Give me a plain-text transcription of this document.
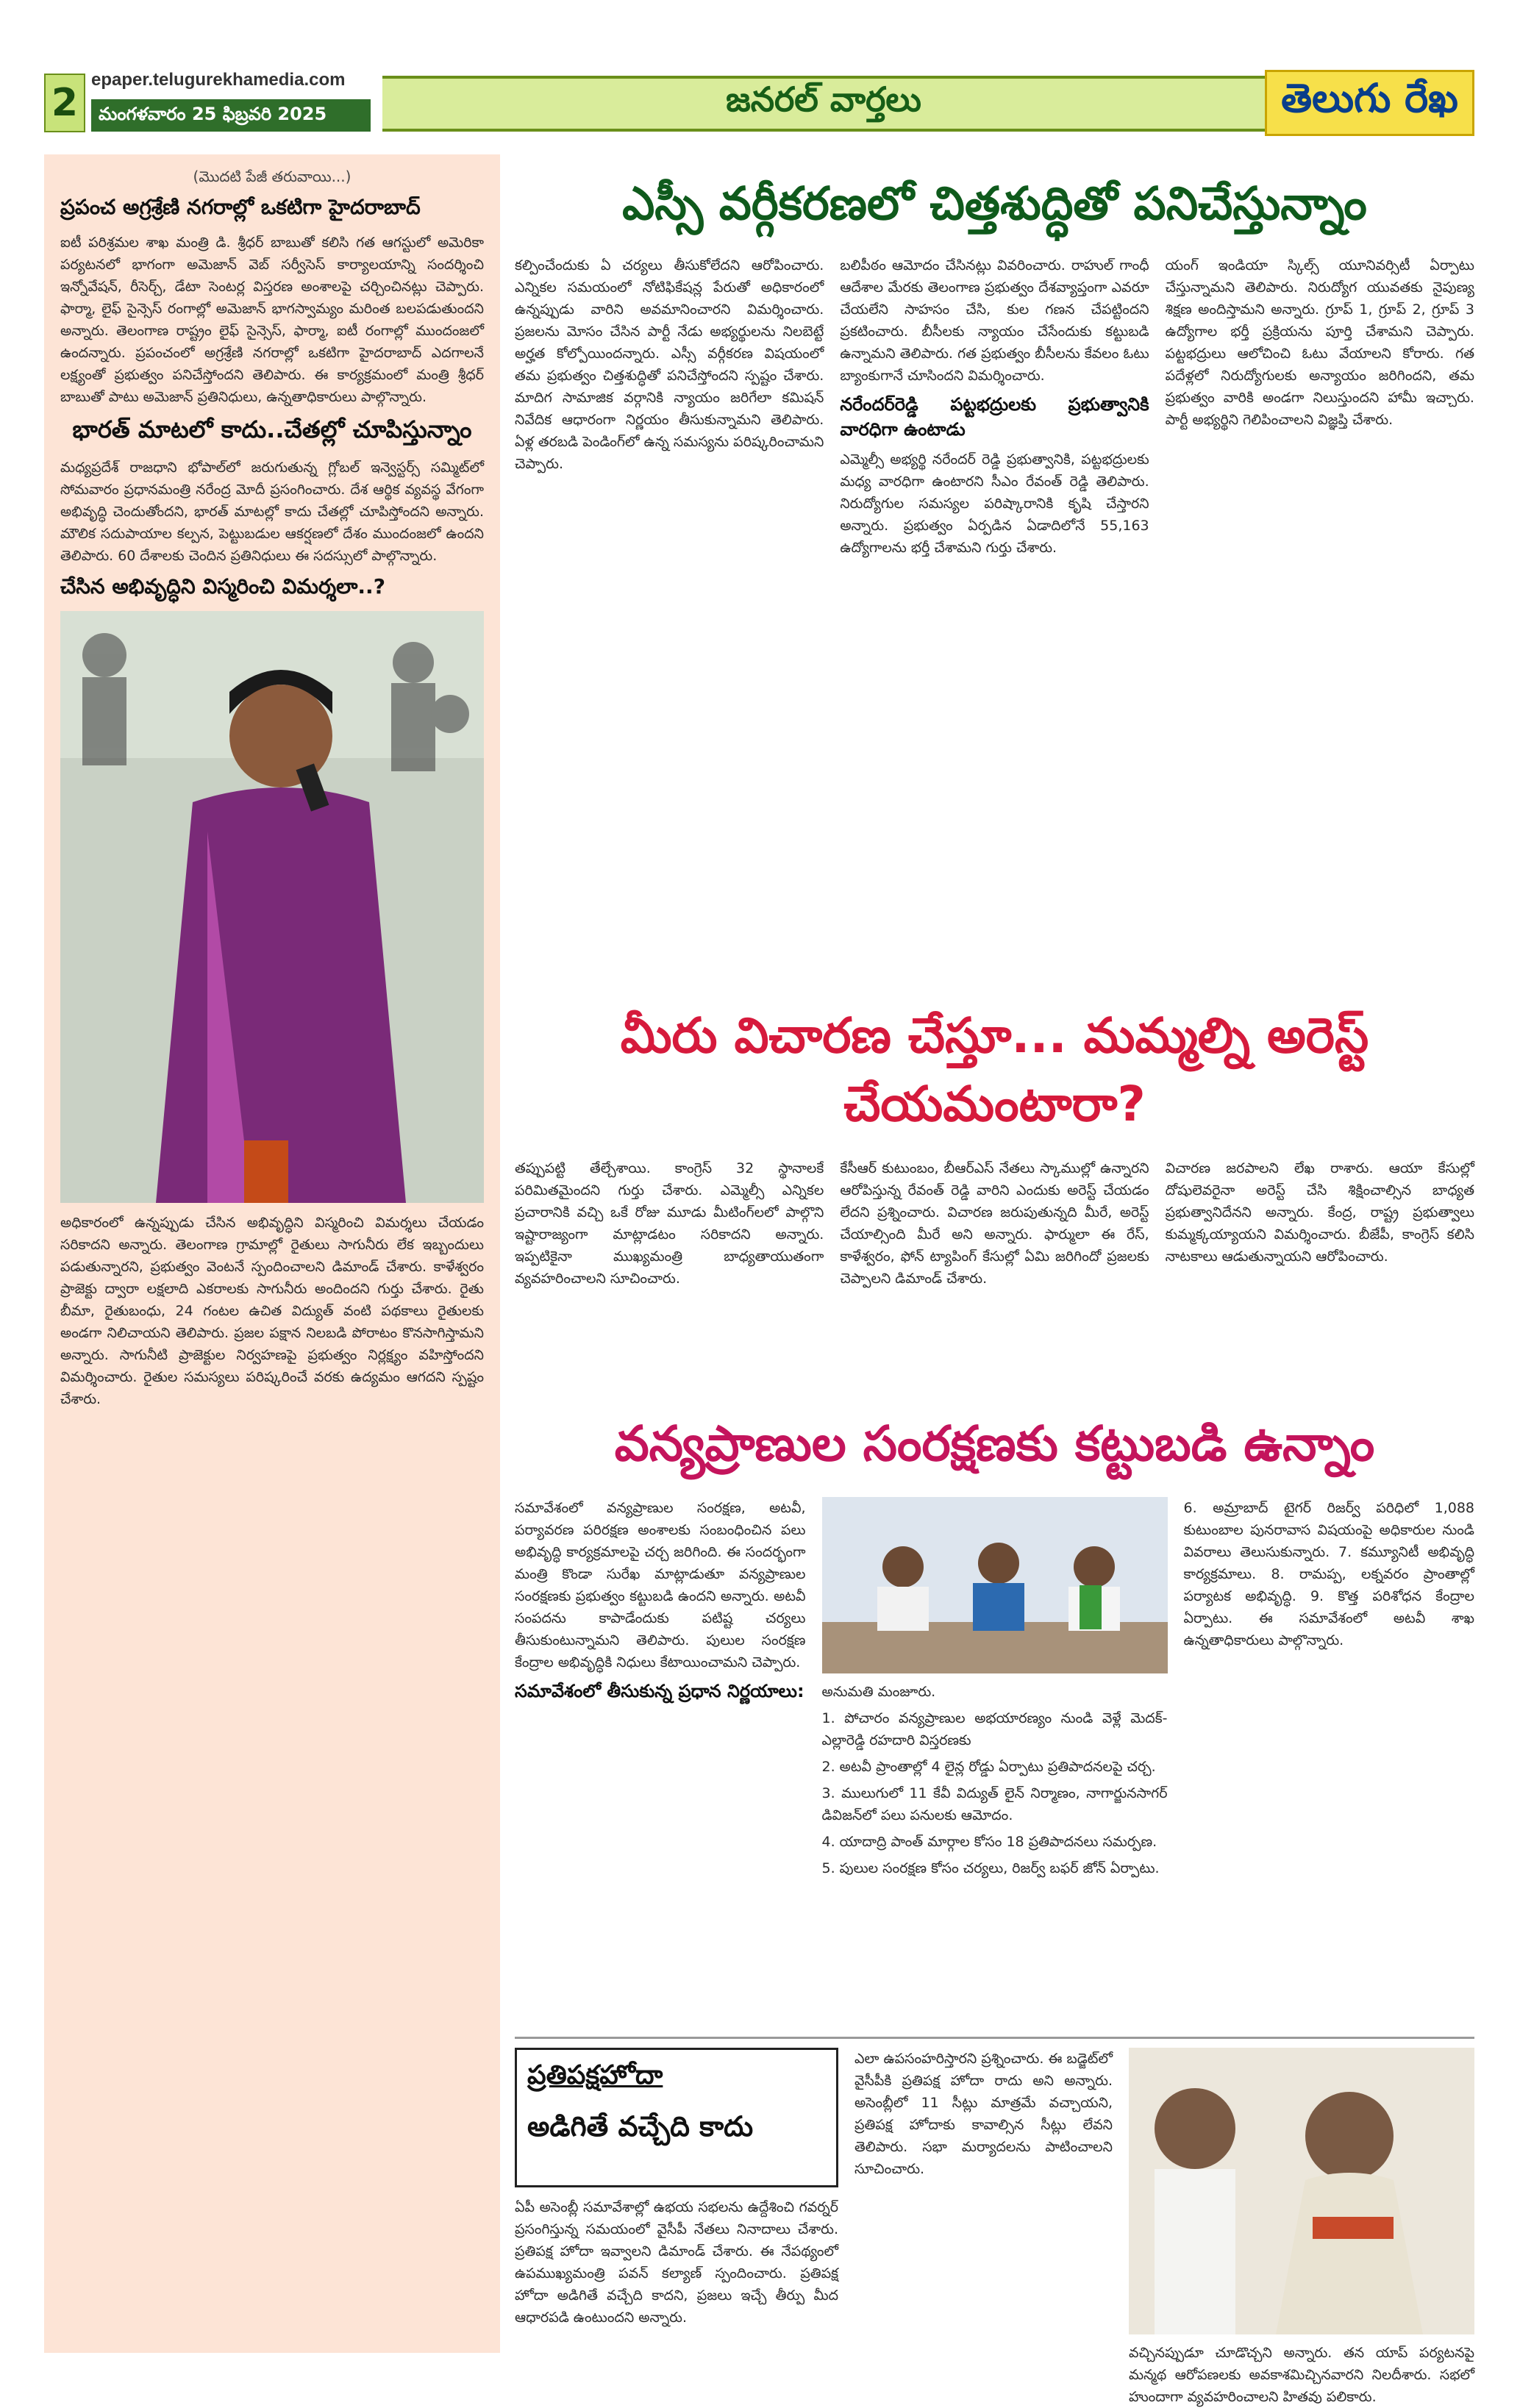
2
epaper.telugurekhamedia.com
మంగళవారం 25 ఫిబ్రవరి 2025	జనరల్ వార్తలు	తెలుగు రేఖ
(మొదటి పేజీ తరువాయి...)
ప్రపంచ అగ్రశ్రేణి నగరాల్లో ఒకటిగా హైదరాబాద్
ఐటీ పరిశ్రమల శాఖ మంత్రి డి. శ్రీధర్ బాబుతో కలిసి గత ఆగస్టులో అమెరికా పర్యటనలో భాగంగా అమెజాన్ వెబ్ సర్వీసెస్ కార్యాలయాన్ని సందర్శించి ఇన్నోవేషన్, రీసెర్చ్, డేటా సెంటర్ల విస్తరణ అంశాలపై చర్చించినట్లు చెప్పారు. ఫార్మా, లైఫ్ సైన్సెస్ రంగాల్లో అమెజాన్ భాగస్వామ్యం మరింత బలపడుతుందని అన్నారు. తెలంగాణ రాష్ట్రం లైఫ్ సైన్సెస్, ఫార్మా, ఐటీ రంగాల్లో ముందంజలో ఉందన్నారు. ప్రపంచంలో అగ్రశ్రేణి నగరాల్లో ఒకటిగా హైదరాబాద్ ఎదగాలనే లక్ష్యంతో ప్రభుత్వం పనిచేస్తోందని తెలిపారు. ఈ కార్యక్రమంలో మంత్రి శ్రీధర్ బాబుతో పాటు అమెజాన్ ప్రతినిధులు, ఉన్నతాధికారులు పాల్గొన్నారు.
భారత్ మాటలో కాదు..చేతల్లో చూపిస్తున్నాం
మధ్యప్రదేశ్ రాజధాని భోపాల్‌లో జరుగుతున్న గ్లోబల్ ఇన్వెస్టర్స్ సమ్మిట్‌లో సోమవారం ప్రధానమంత్రి నరేంద్ర మోదీ ప్రసంగించారు. దేశ ఆర్థిక వ్యవస్థ వేగంగా అభివృద్ధి చెందుతోందని, భారత్ మాటల్లో కాదు చేతల్లో చూపిస్తోందని అన్నారు. మౌలిక సదుపాయాల కల్పన, పెట్టుబడుల ఆకర్షణలో దేశం ముందంజలో ఉందని తెలిపారు. 60 దేశాలకు చెందిన ప్రతినిధులు ఈ సదస్సులో పాల్గొన్నారు.
చేసిన అభివృద్ధిని విస్మరించి విమర్శలా..?
అధికారంలో ఉన్నప్పుడు చేసిన అభివృద్ధిని విస్మరించి విమర్శలు చేయడం సరికాదని అన్నారు. తెలంగాణ గ్రామాల్లో రైతులు సాగునీరు లేక ఇబ్బందులు పడుతున్నారని, ప్రభుత్వం వెంటనే స్పందించాలని డిమాండ్ చేశారు. కాళేశ్వరం ప్రాజెక్టు ద్వారా లక్షలాది ఎకరాలకు సాగునీరు అందిందని గుర్తు చేశారు. రైతు బీమా, రైతుబంధు, 24 గంటల ఉచిత విద్యుత్ వంటి పథకాలు రైతులకు అండగా నిలిచాయని తెలిపారు. ప్రజల పక్షాన నిలబడి పోరాటం కొనసాగిస్తామని అన్నారు. సాగునీటి ప్రాజెక్టుల నిర్వహణపై ప్రభుత్వం నిర్లక్ష్యం వహిస్తోందని విమర్శించారు. రైతుల సమస్యలు పరిష్కరించే వరకు ఉద్యమం ఆగదని స్పష్టం చేశారు.
ఎస్సీ వర్గీకరణలో చిత్తశుద్ధితో పనిచేస్తున్నాం
కల్పించేందుకు ఏ చర్యలు తీసుకోలేదని ఆరోపించారు. ఎన్నికల సమయంలో నోటిఫికేషన్ల పేరుతో అధికారంలో ఉన్నప్పుడు వారిని అవమానించారని విమర్శించారు. ప్రజలను మోసం చేసిన పార్టీ నేడు అభ్యర్థులను నిలబెట్టే అర్హత కోల్పోయిందన్నారు. ఎస్సీ వర్గీకరణ విషయంలో తమ ప్రభుత్వం చిత్తశుద్ధితో పనిచేస్తోందని స్పష్టం చేశారు. మాదిగ సామాజిక వర్గానికి న్యాయం జరిగేలా కమిషన్ నివేదిక ఆధారంగా నిర్ణయం తీసుకున్నామని తెలిపారు. ఏళ్ల తరబడి పెండింగ్‌లో ఉన్న సమస్యను పరిష్కరించామని చెప్పారు.
బలిపీఠం ఆమోదం చేసినట్లు వివరించారు. రాహుల్ గాంధీ ఆదేశాల మేరకు తెలంగాణ ప్రభుత్వం దేశవ్యాప్తంగా ఎవరూ చేయలేని సాహసం చేసి, కుల గణన చేపట్టిందని ప్రకటించారు. బీసీలకు న్యాయం చేసేందుకు కట్టుబడి ఉన్నామని తెలిపారు. గత ప్రభుత్వం బీసీలను కేవలం ఓటు బ్యాంకుగానే చూసిందని విమర్శించారు.
నరేందర్‌రెడ్డి పట్టభద్రులకు ప్రభుత్వానికి వారధిగా ఉంటాడు
ఎమ్మెల్సీ అభ్యర్థి నరేందర్ రెడ్డి ప్రభుత్వానికి, పట్టభద్రులకు మధ్య వారధిగా ఉంటారని సీఎం రేవంత్ రెడ్డి తెలిపారు. నిరుద్యోగుల సమస్యల పరిష్కారానికి కృషి చేస్తారని అన్నారు. ప్రభుత్వం ఏర్పడిన ఏడాదిలోనే 55,163 ఉద్యోగాలను భర్తీ చేశామని గుర్తు చేశారు.
యంగ్ ఇండియా స్కిల్స్ యూనివర్సిటీ ఏర్పాటు చేస్తున్నామని తెలిపారు. నిరుద్యోగ యువతకు నైపుణ్య శిక్షణ అందిస్తామని అన్నారు. గ్రూప్ 1, గ్రూప్ 2, గ్రూప్ 3 ఉద్యోగాల భర్తీ ప్రక్రియను పూర్తి చేశామని చెప్పారు. పట్టభద్రులు ఆలోచించి ఓటు వేయాలని కోరారు. గత పదేళ్లలో నిరుద్యోగులకు అన్యాయం జరిగిందని, తమ ప్రభుత్వం వారికి అండగా నిలుస్తుందని హామీ ఇచ్చారు. పార్టీ అభ్యర్థిని గెలిపించాలని విజ్ఞప్తి చేశారు.
మీరు విచారణ చేస్తూ... మమ్మల్ని అరెస్ట్ చేయమంటారా?
తప్పుపట్టి తేల్చేశాయి. కాంగ్రెస్ 32 స్థానాలకే పరిమితమైందని గుర్తు చేశారు. ఎమ్మెల్సీ ఎన్నికల ప్రచారానికి వచ్చి ఒకే రోజు మూడు మీటింగ్‌లలో పాల్గొని ఇష్టారాజ్యంగా మాట్లాడటం సరికాదని అన్నారు. ఇప్పటికైనా ముఖ్యమంత్రి బాధ్యతాయుతంగా వ్యవహరించాలని సూచించారు.
కేసీఆర్ కుటుంబం, బీఆర్ఎస్ నేతలు స్కాముల్లో ఉన్నారని ఆరోపిస్తున్న రేవంత్ రెడ్డి వారిని ఎందుకు అరెస్ట్ చేయడం లేదని ప్రశ్నించారు. విచారణ జరుపుతున్నది మీరే, అరెస్ట్ చేయాల్సింది మీరే అని అన్నారు. ఫార్ములా ఈ రేస్, కాళేశ్వరం, ఫోన్ ట్యాపింగ్ కేసుల్లో ఏమి జరిగిందో ప్రజలకు చెప్పాలని డిమాండ్ చేశారు.
విచారణ జరపాలని లేఖ రాశారు. ఆయా కేసుల్లో దోషులెవరైనా అరెస్ట్ చేసి శిక్షించాల్సిన బాధ్యత ప్రభుత్వానిదేనని అన్నారు. కేంద్ర, రాష్ట్ర ప్రభుత్వాలు కుమ్మక్కయ్యాయని విమర్శించారు. బీజేపీ, కాంగ్రెస్ కలిసి నాటకాలు ఆడుతున్నాయని ఆరోపించారు.
వన్యప్రాణుల సంరక్షణకు కట్టుబడి ఉన్నాం
సమావేశంలో వన్యప్రాణుల సంరక్షణ, అటవీ, పర్యావరణ పరిరక్షణ అంశాలకు సంబంధించిన పలు అభివృద్ధి కార్యక్రమాలపై చర్చ జరిగింది. ఈ సందర్భంగా మంత్రి కొండా సురేఖ మాట్లాడుతూ వన్యప్రాణుల సంరక్షణకు ప్రభుత్వం కట్టుబడి ఉందని అన్నారు. అటవీ సంపదను కాపాడేందుకు పటిష్ట చర్యలు తీసుకుంటున్నామని తెలిపారు. పులుల సంరక్షణ కేంద్రాల అభివృద్ధికి నిధులు కేటాయించామని చెప్పారు.
సమావేశంలో తీసుకున్న ప్రధాన నిర్ణయాలు: అనుమతి మంజూరు.
1. పోచారం వన్యప్రాణుల అభయారణ్యం నుండి వెళ్లే మెదక్-ఎల్లారెడ్డి రహదారి విస్తరణకు
2. అటవీ ప్రాంతాల్లో 4 లైన్ల రోడ్డు ఏర్పాటు ప్రతిపాదనలపై చర్చ.
3. ములుగులో 11 కేవీ విద్యుత్ లైన్ నిర్మాణం, నాగార్జునసాగర్ డివిజన్‌లో పలు పనులకు ఆమోదం.
4. యాదాద్రి పాంత్ మార్గాల కోసం 18 ప్రతిపాదనలు సమర్పణ.
5. పులుల సంరక్షణ కోసం చర్యలు, రిజర్వ్ బఫర్ జోన్ ఏర్పాటు.
6. అమ్రాబాద్ టైగర్ రిజర్వ్ పరిధిలో 1,088 కుటుంబాల పునరావాస విషయంపై అధికారుల నుండి వివరాలు తెలుసుకున్నారు. 7. కమ్యూనిటీ అభివృద్ధి కార్యక్రమాలు. 8. రామప్ప, లక్నవరం ప్రాంతాల్లో పర్యాటక అభివృద్ధి. 9. కొత్త పరిశోధన కేంద్రాల ఏర్పాటు. ఈ సమావేశంలో అటవీ శాఖ ఉన్నతాధికారులు పాల్గొన్నారు.
ప్రతిపక్షహోదా
అడిగితే వచ్చేది కాదు
ఏపీ అసెంబ్లీ సమావేశాల్లో ఉభయ సభలను ఉద్దేశించి గవర్నర్ ప్రసంగిస్తున్న సమయంలో వైసీపీ నేతలు నినాదాలు చేశారు. ప్రతిపక్ష హోదా ఇవ్వాలని డిమాండ్ చేశారు. ఈ నేపథ్యంలో ఉపముఖ్యమంత్రి పవన్ కల్యాణ్ స్పందించారు. ప్రతిపక్ష హోదా అడిగితే వచ్చేది కాదని, ప్రజలు ఇచ్చే తీర్పు మీద ఆధారపడి ఉంటుందని అన్నారు.
ఎలా ఉపసంహరిస్తారని ప్రశ్నించారు. ఈ బడ్జెట్‌లో వైసీపీకి ప్రతిపక్ష హోదా రాదు అని అన్నారు. అసెంబ్లీలో 11 సీట్లు మాత్రమే వచ్చాయని, ప్రతిపక్ష హోదాకు కావాల్సిన సీట్లు లేవని తెలిపారు. సభా మర్యాదలను పాటించాలని సూచించారు.
వచ్చినప్పుడూ చూడొచ్చని అన్నారు. తన యాప్ పర్యటనపై మన్మథ ఆరోపణలకు అవకాశమిచ్చినవారని నిలదీశారు. సభలో హుందాగా వ్యవహరించాలని హితవు పలికారు.
